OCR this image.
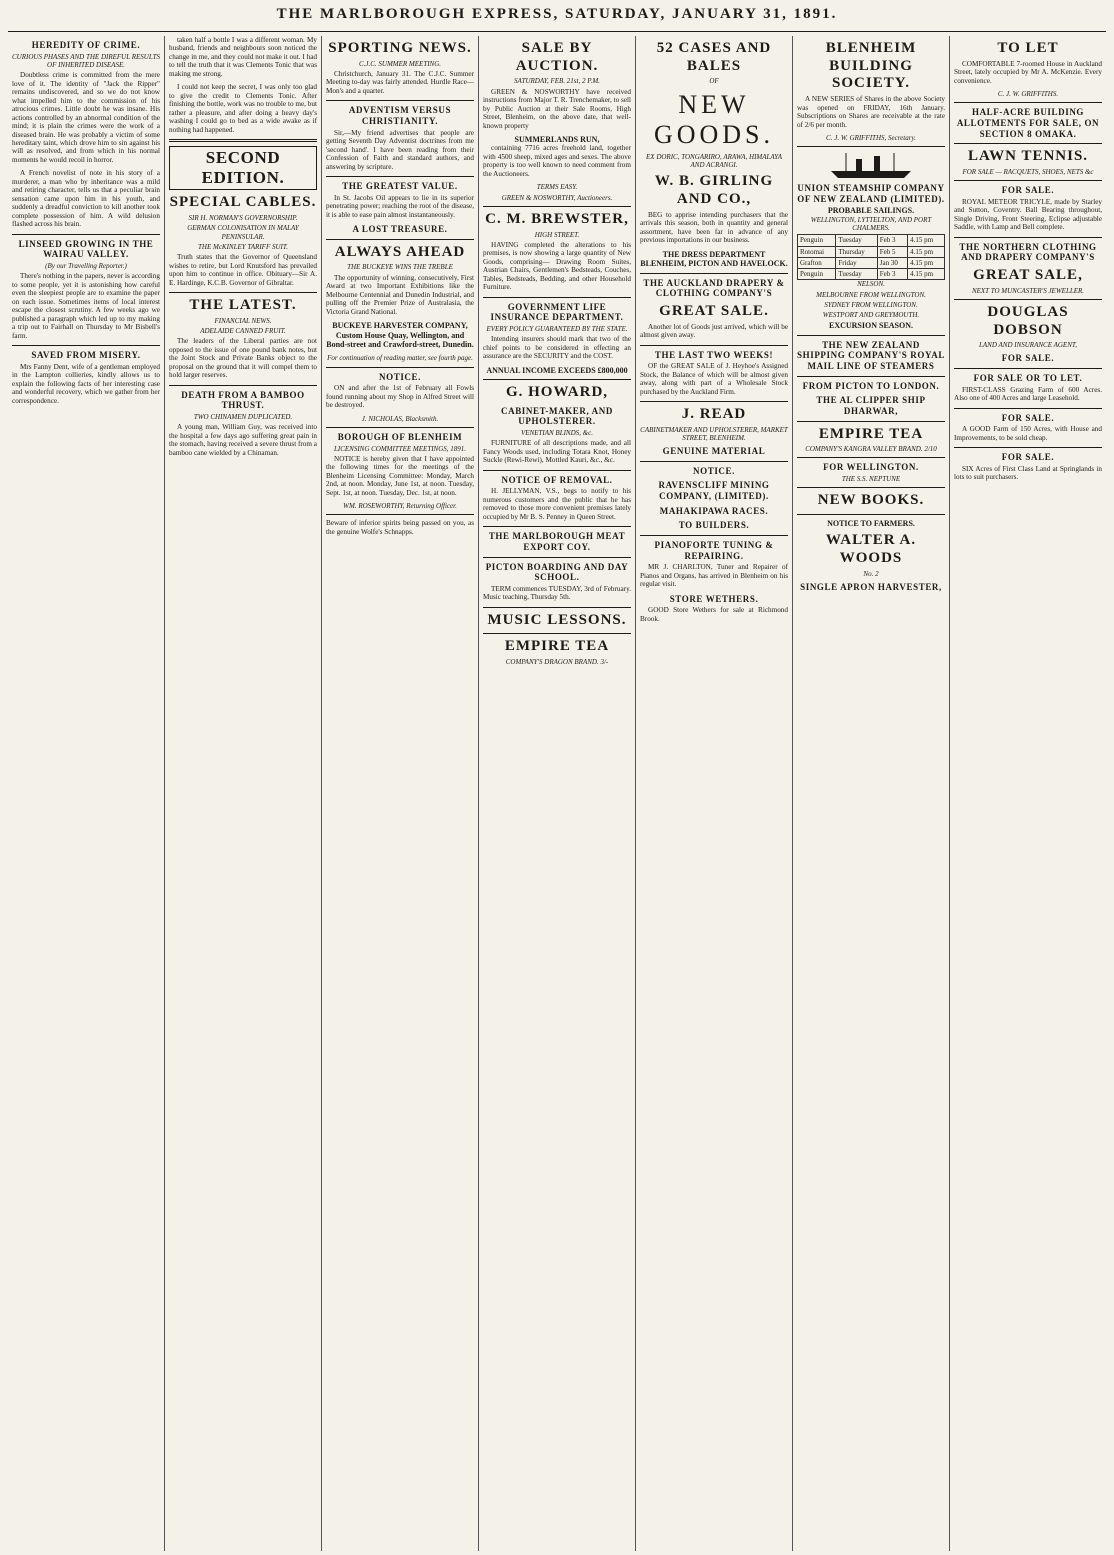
THE MARLBOROUGH EXPRESS, SATURDAY, JANUARY 31, 1891.
HEREDITY OF CRIME.
CURIOUS PHASES AND THE DIREFUL RESULTS OF INHERITED DISEASE.

Doubtless crime is committed from the mere love of it. The identity of "Jack the Ripper" remains undiscovered, and so we do not know what impelled him to the commission of his atrocious crimes. Little doubt he was insane. His actions controlled by an abnormal condition of the mind; it is plain the crimes were the work of a diseased brain. He was probably a victim of some hereditary taint, which drove him to sin against his will as resolved, and from which in his normal moments he would recoil in horror.

A French novelist of note in his story of a murderer, a man who by inheritance was a mild and retiring character, tells us that a peculiar brain sensation came upon him in his youth, and suddenly a dreadful conviction to kill another took complete possession of him. A wild delusion flashed across his brain.

LINSEED GROWING IN THE WAIRAU VALLEY.
(By our Travelling Reporter.)

There's nothing in the papers, never is according to some people, yet it is astonishing how careful even the sleepiest people are to examine the paper on each issue. Sometimes items of local interest escape the closest scrutiny. A few weeks ago we published a paragraph which led up to my making a trip out to Fairhall on Thursday to Mr Bisbell's farm.

SAVED FROM MISERY.

Mrs Fanny Dent, wife of a gentleman employed in the Lampton collieries, kindly allows us to explain the following facts of her interesting case and wonderful recovery, which we gather from her correspondence.

taken half a bottle I was a different woman. My husband, friends and neighbours soon noticed the change in me, and they could not make it out. I had to tell the truth that it was Clements Tonic that was making me strong.

I could not keep the secret, I was only too glad to give the credit to Clements Tonic. After finishing the bottle, work was no trouble to me, but rather a pleasure, and after doing a heavy day's washing I could go to bed as a wide awake as if nothing had happened.

SECOND EDITION.
SPECIAL CABLES.
SIR H. NORMAN'S GOVERNORSHIP.
GERMAN COLONISATION IN MALAY PENINSULAR.
THE McKINLEY TARIFF SUIT.

Truth states that the Governor of Queensland wishes to retire, but Lord Knutsford has prevailed upon him to continue in office. Obituary—Sir A. E. Hardinge, K.C.B. Governor of Gibraltar.

THE LATEST.
FINANCIAL NEWS.
ADELAIDE CANNED FRUIT.

The leaders of the Liberal parties are not opposed to the issue of one pound bank notes, but the Joint Stock and Private Banks object to the proposal on the ground that it will compel them to hold larger reserves.

DEATH FROM A BAMBOO THRUST.
TWO CHINAMEN DUPLICATED.

A young man, William Guy, was received into the hospital a few days ago suffering great pain in the stomach, having received a severe thrust from a bamboo cane wielded by a Chinaman.

SPORTING NEWS.
C.J.C. SUMMER MEETING.

Christchurch, January 31. The C.J.C. Summer Meeting to-day was fairly attended. Hurdle Race—Mon's and a quarter.

ADVENTISM VERSUS CHRISTIANITY.

Sir,—My friend advertises that people are getting Seventh Day Adventist doctrines from me 'second hand'. I have been reading from their Confession of Faith and standard authors, and answering by scripture.

THE GREATEST VALUE.

In St. Jacobs Oil appears to lie in its superior penetrating power; reaching the root of the disease, it is able to ease pain almost instantaneously.

A LOST TREASURE.
ALWAYS AHEAD
THE BUCKEYE WINS THE TREBLE

The opportunity of winning, consecutively, First Award at two Important Exhibitions like the Melbourne Centennial and Dunedin Industrial, and pulling off the Premier Prize of Australasia, the Victoria Grand National.

BUCKEYE HARVESTER COMPANY, Custom House Quay, Wellington, and Bond-street and Crawford-street, Dunedin.

For continuation of reading matter, see fourth page.
NOTICE.

ON and after the 1st of February all Fowls found running about my Shop in Alfred Street will be destroyed.

J. NICHOLAS, Blacksmith.
BOROUGH OF BLENHEIM
LICENSING COMMITTEE MEETINGS, 1891.

NOTICE is hereby given that I have appointed the following times for the meetings of the Blenheim Licensing Committee: Monday, March 2nd, at noon. Monday, June 1st, at noon. Tuesday, Sept. 1st, at noon. Tuesday, Dec. 1st, at noon.

WM. ROSEWORTHY, Returning Officer.

Beware of inferior spirits being passed on you, as the genuine Wolfe's Schnapps.

SALE BY AUCTION.
SATURDAY, FEB. 21st, 2 P.M.

GREEN & NOSWORTHY have received instructions from Major T. R. Trenchemaker, to sell by Public Auction at their Sale Rooms, High Street, Blenheim, on the above date, that well-known property

SUMMERLANDS RUN,

containing 7716 acres freehold land, together with 4500 sheep, mixed ages and sexes. The above property is too well known to need comment from the Auctioneers.

TERMS EASY.
GREEN & NOSWORTHY, Auctioneers.
C. M. BREWSTER,
HIGH STREET.

HAVING completed the alterations to his premises, is now showing a large quantity of New Goods, comprising— Drawing Room Suites, Austrian Chairs, Gentlemen's Bedsteads, Couches, Tables, Bedsteads, Bedding, and other Household Furniture.

GOVERNMENT LIFE INSURANCE DEPARTMENT.
EVERY POLICY GUARANTEED BY THE STATE.

Intending insurers should mark that two of the chief points to be considered in effecting an assurance are the SECURITY and the COST.

ANNUAL INCOME EXCEEDS £800,000
G. HOWARD,
CABINET-MAKER, AND UPHOLSTERER.
VENETIAN BLINDS, &c.

FURNITURE of all descriptions made, and all Fancy Woods used, including Totara Knot, Honey Suckle (Rewi-Rewi), Mottled Kauri, &c., &c.

NOTICE OF REMOVAL.

H. JELLYMAN, V.S., begs to notify to his numerous customers and the public that he has removed to those more convenient premises lately occupied by Mr B. S. Penney in Queen Street.

THE MARLBOROUGH MEAT EXPORT COY.
PICTON BOARDING AND DAY SCHOOL.

TERM commences TUESDAY, 3rd of February. Music teaching, Thursday 5th.

MUSIC LESSONS.
EMPIRE TEA
COMPANY'S DRAGON BRAND. 3/-
52 CASES AND BALES
OF
NEW GOODS.
EX DORIC, TONGARIRO, ARAWA, HIMALAYA AND ACRANGI.
W. B. GIRLING AND CO.,

BEG to apprise intending purchasers that the arrivals this season, both in quantity and general assortment, have been far in advance of any previous importations in our business.

THE DRESS DEPARTMENT
BLENHEIM, PICTON AND HAVELOCK.
THE AUCKLAND DRAPERY & CLOTHING COMPANY'S
GREAT SALE.

Another lot of Goods just arrived, which will be almost given away.

THE LAST TWO WEEKS!

OF the GREAT SALE of J. Heyhoe's Assigned Stock, the Balance of which will be almost given away, along with part of a Wholesale Stock purchased by the Auckland Firm.

J. READ
CABINETMAKER AND UPHOLSTERER, MARKET STREET, BLENHEIM.
GENUINE MATERIAL
NOTICE.
RAVENSCLIFF MINING COMPANY, (LIMITED).
MAHAKIPAWA RACES.
TO BUILDERS.
PIANOFORTE TUNING & REPAIRING.

MR J. CHARLTON, Tuner and Repairer of Pianos and Organs, has arrived in Blenheim on his regular visit.

STORE WETHERS.

GOOD Store Wethers for sale at Richmond Brook.

BLENHEIM BUILDING SOCIETY.

A NEW SERIES of Shares in the above Society was opened on FRIDAY, 16th January. Subscriptions on Shares are receivable at the rate of 2/6 per month.

C. J. W. GRIFFITHS, Secretary.
UNION STEAMSHIP COMPANY OF NEW ZEALAND (LIMITED).
PROBABLE SAILINGS.
WELLINGTON, LYTTELTON, AND PORT CHALMERS.
Penguin	Tuesday	Feb 3	4.15 pm
Rotomai	Thursday	Feb 5	4.15 pm
Grafton	Friday	Jan 30	4.15 pm
Penguin	Tuesday	Feb 3	4.15 pm
NELSON.
MELBOURNE FROM WELLINGTON.
SYDNEY FROM WELLINGTON.
WESTPORT AND GREYMOUTH.
EXCURSION SEASON.
THE NEW ZEALAND SHIPPING COMPANY'S ROYAL MAIL LINE OF STEAMERS
FROM PICTON TO LONDON.
THE AL CLIPPER SHIP DHARWAR,
EMPIRE TEA
COMPANY'S KANGRA VALLEY BRAND. 2/10
FOR WELLINGTON.
THE S.S. NEPTUNE
NEW BOOKS.
NOTICE TO FARMERS.
WALTER A. WOODS
No. 2
SINGLE APRON HARVESTER,
TO LET

COMFORTABLE 7-roomed House in Auckland Street, lately occupied by Mr A. McKenzie. Every convenience.

C. J. W. GRIFFITHS.
HALF-ACRE BUILDING ALLOTMENTS FOR SALE, ON SECTION 8 OMAKA.
LAWN TENNIS.
FOR SALE — RACQUETS, SHOES, NETS &c
FOR SALE.

ROYAL METEOR TRICYLE, made by Starley and Sutton, Coventry. Ball Bearing throughout, Single Driving, Front Steering, Eclipse adjustable Saddle, with Lamp and Bell complete.

THE NORTHERN CLOTHING AND DRAPERY COMPANY'S
GREAT SALE,
NEXT TO MUNCASTER'S JEWELLER.
DOUGLAS DOBSON
LAND AND INSURANCE AGENT,
FOR SALE.
FOR SALE OR TO LET.

FIRST-CLASS Grazing Farm of 600 Acres. Also one of 400 Acres and large Leasehold.

FOR SALE.

A GOOD Farm of 150 Acres, with House and Improvements, to be sold cheap.

FOR SALE.

SIX Acres of First Class Land at Springlands in lots to suit purchasers.
